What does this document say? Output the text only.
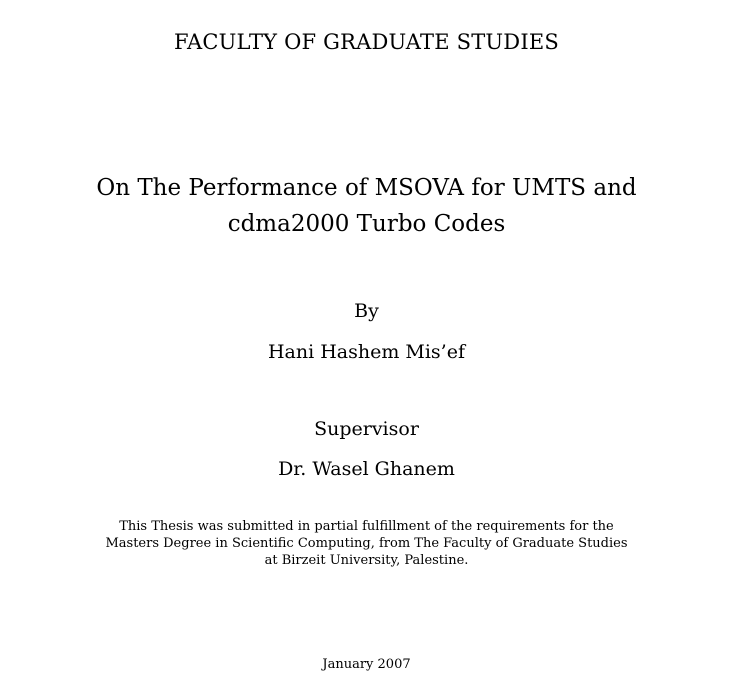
FACULTY OF GRADUATE STUDIES
On The Performance of MSOVA for UMTS and
cdma2000 Turbo Codes
By
Hani Hashem Mis’ef
Supervisor
Dr. Wasel Ghanem
This Thesis was submitted in partial fulfillment of the requirements for the
Masters Degree in Scientific Computing, from The Faculty of Graduate Studies
at Birzeit University, Palestine.
January 2007
